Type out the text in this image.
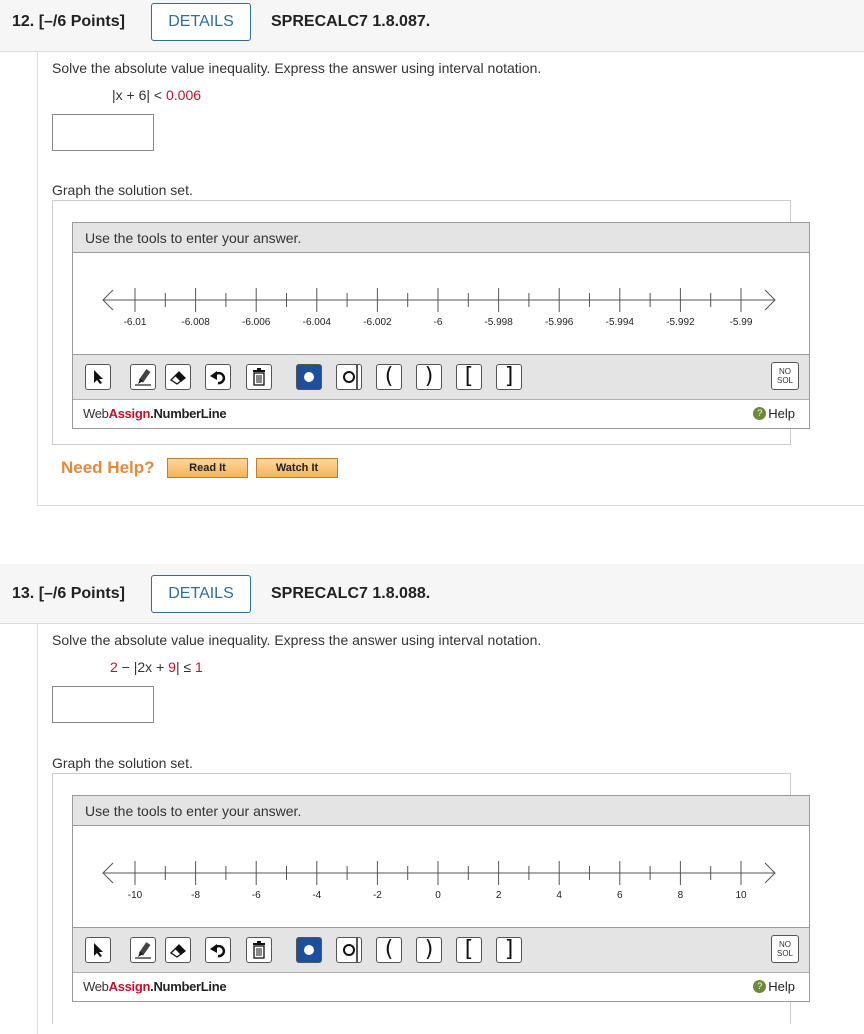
12. [–/6 Points]	DETAILS	SPRECALC7 1.8.087.
Solve the absolute value inequality. Express the answer using interval notation.
|x + 6| < 0.006
Graph the solution set.
Use the tools to enter your answer.
-6.01	-6.008	-6.006	-6.004	-6.002	-6	-5.998	-5.996	-5.994	-5.992	-5.99
(	)	[	]	NO
SOL
WebAssign.NumberLine	? Help
Need Help?	Read It	Watch It
13. [–/6 Points]	DETAILS	SPRECALC7 1.8.088.
Solve the absolute value inequality. Express the answer using interval notation.
2 − |2x + 9| ≤ 1
Graph the solution set.
Use the tools to enter your answer.
-10	-8	-6	-4	-2	0	2	4	6	8	10
(	)	[	]	NO
SOL
WebAssign.NumberLine	? Help
